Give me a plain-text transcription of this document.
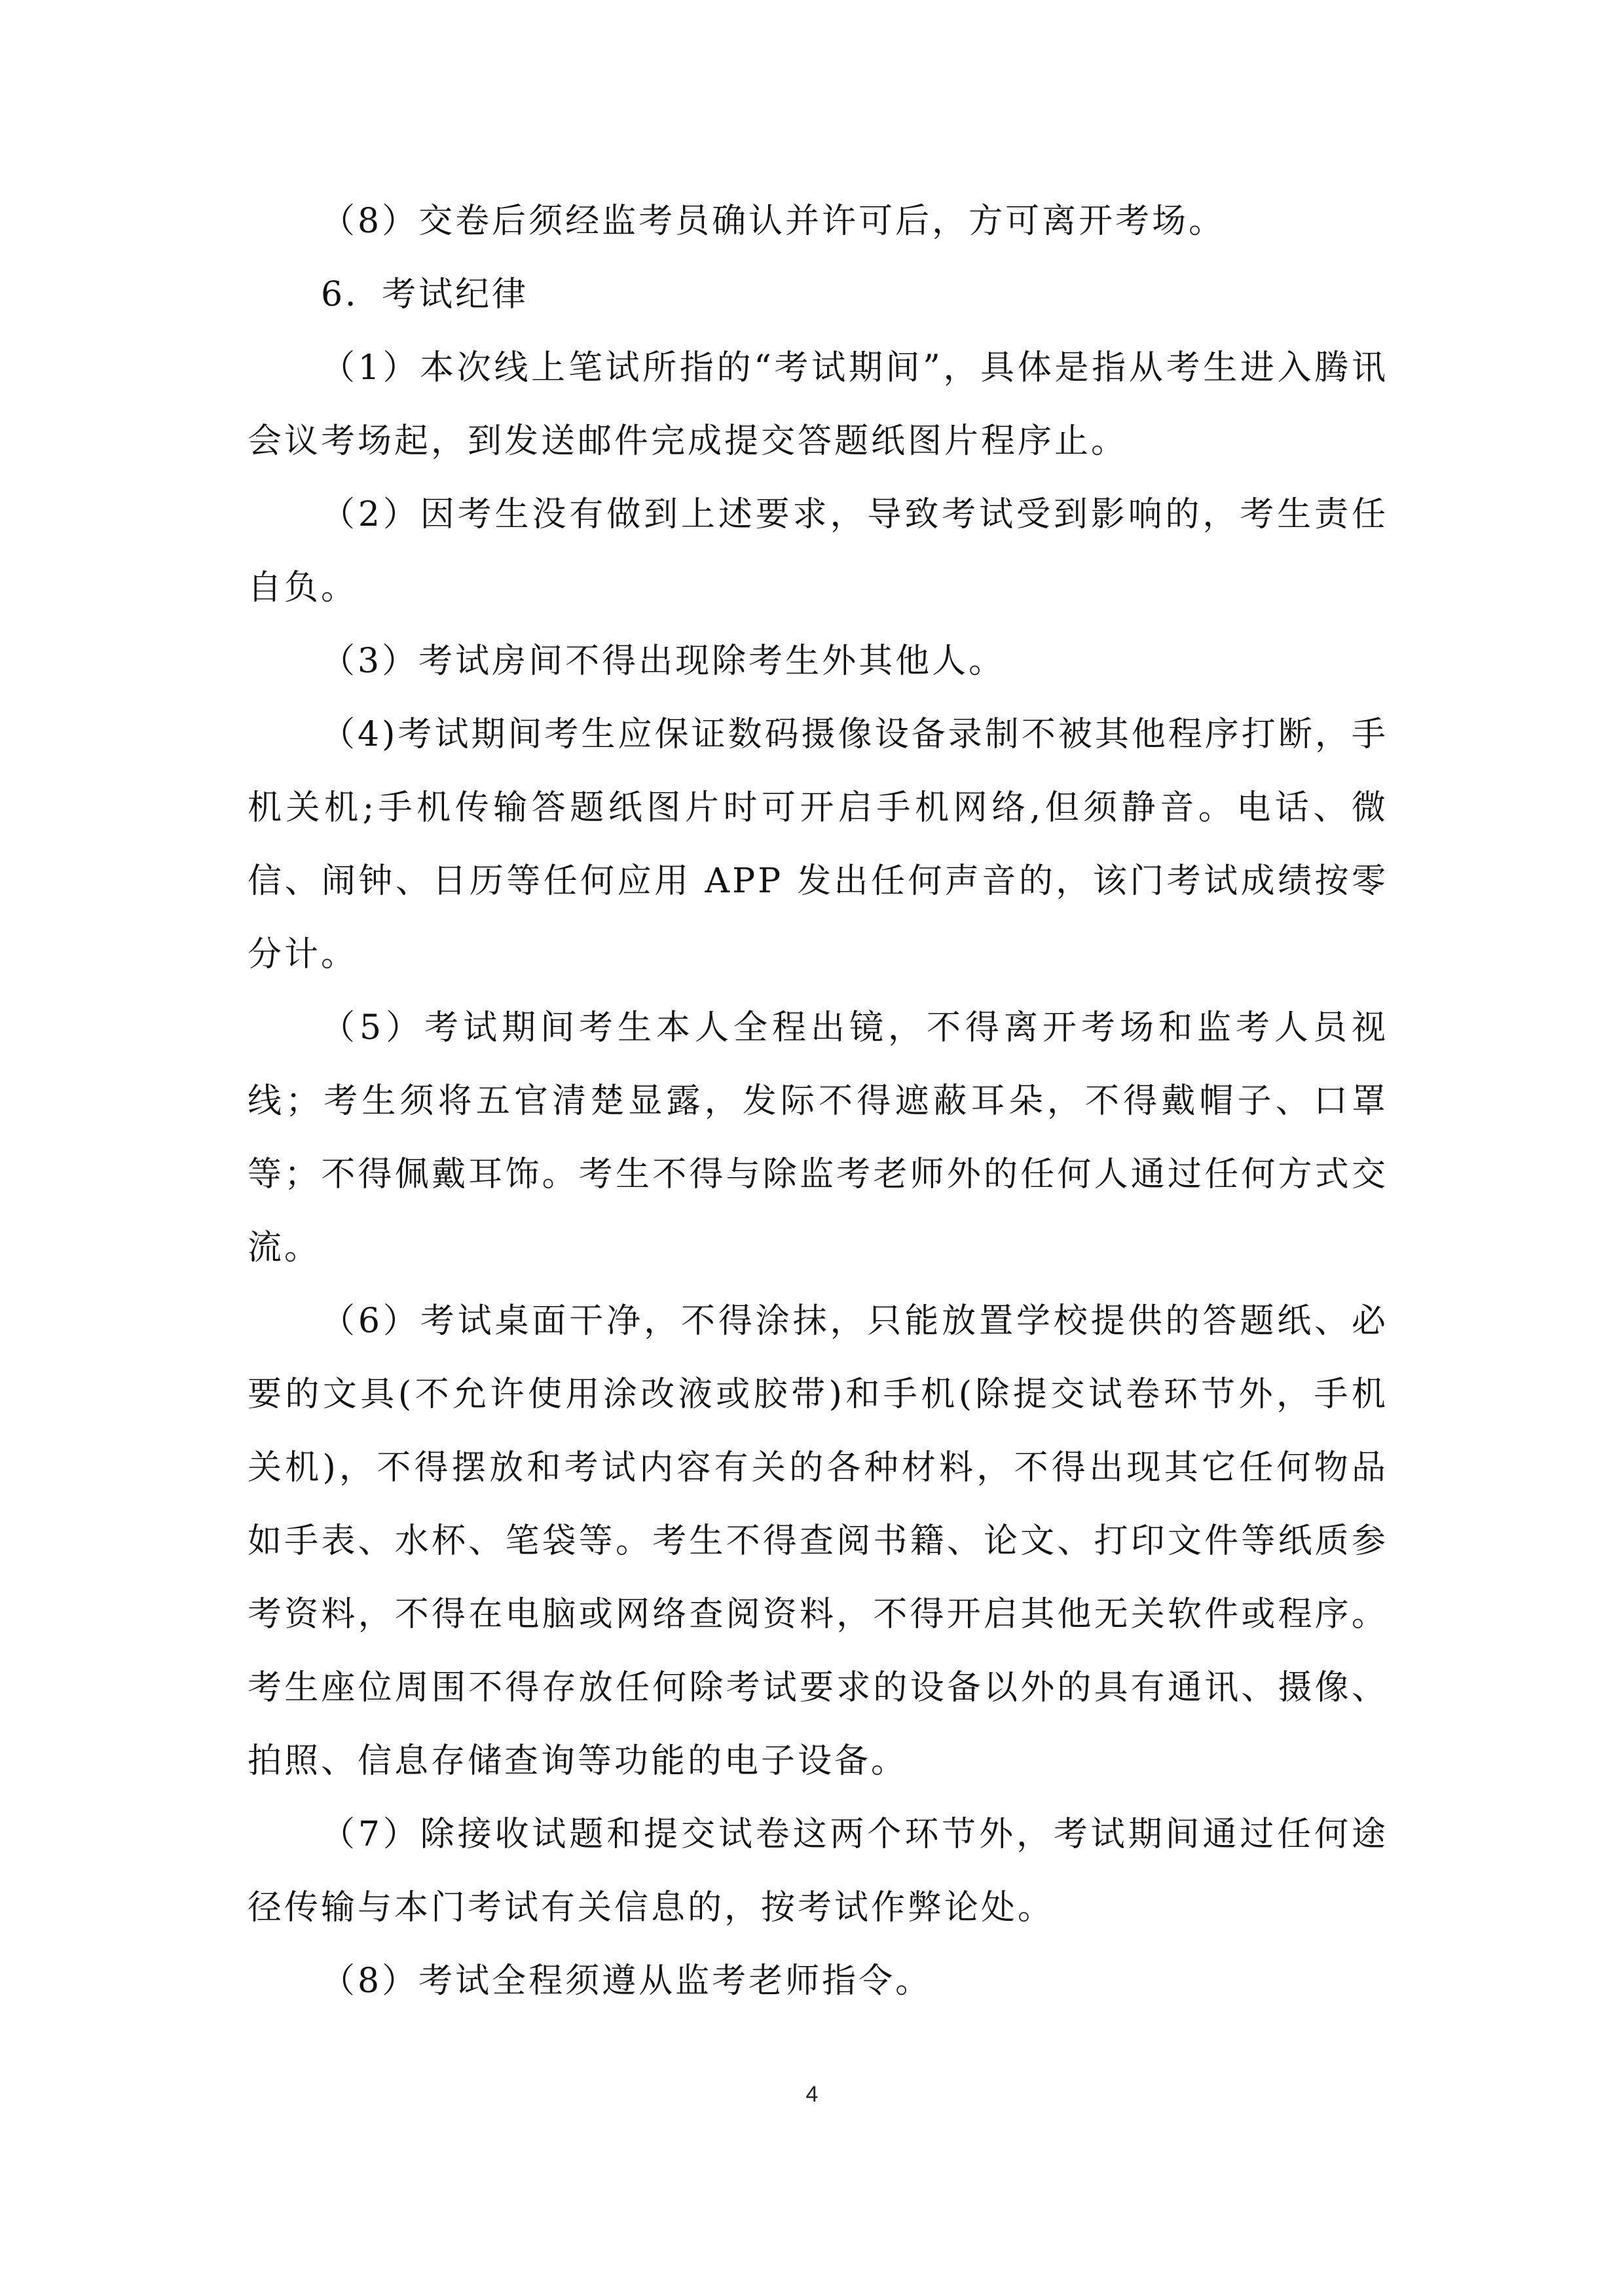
（8）交卷后须经监考员确认并许可后，方可离开考场。

6．考试纪律

（1）本次线上笔试所指的“考试期间”，具体是指从考生进入腾讯会议考场起，到发送邮件完成提交答题纸图片程序止。

（2）因考生没有做到上述要求，导致考试受到影响的，考生责任自负。

（3）考试房间不得出现除考生外其他人。

（4)考试期间考生应保证数码摄像设备录制不被其他程序打断，手机关机;手机传输答题纸图片时可开启手机网络,但须静音。电话、微信、闹钟、日历等任何应用 APP 发出任何声音的，该门考试成绩按零分计。

（5）考试期间考生本人全程出镜，不得离开考场和监考人员视线；考生须将五官清楚显露，发际不得遮蔽耳朵，不得戴帽子、口罩等；不得佩戴耳饰。考生不得与除监考老师外的任何人通过任何方式交流。

（6）考试桌面干净，不得涂抹，只能放置学校提供的答题纸、必要的文具(不允许使用涂改液或胶带)和手机(除提交试卷环节外，手机关机)，不得摆放和考试内容有关的各种材料，不得出现其它任何物品如手表、水杯、笔袋等。考生不得查阅书籍、论文、打印文件等纸质参考资料，不得在电脑或网络查阅资料，不得开启其他无关软件或程序。考生座位周围不得存放任何除考试要求的设备以外的具有通讯、摄像、拍照、信息存储查询等功能的电子设备。

（7）除接收试题和提交试卷这两个环节外，考试期间通过任何途径传输与本门考试有关信息的，按考试作弊论处。

（8）考试全程须遵从监考老师指令。

4
